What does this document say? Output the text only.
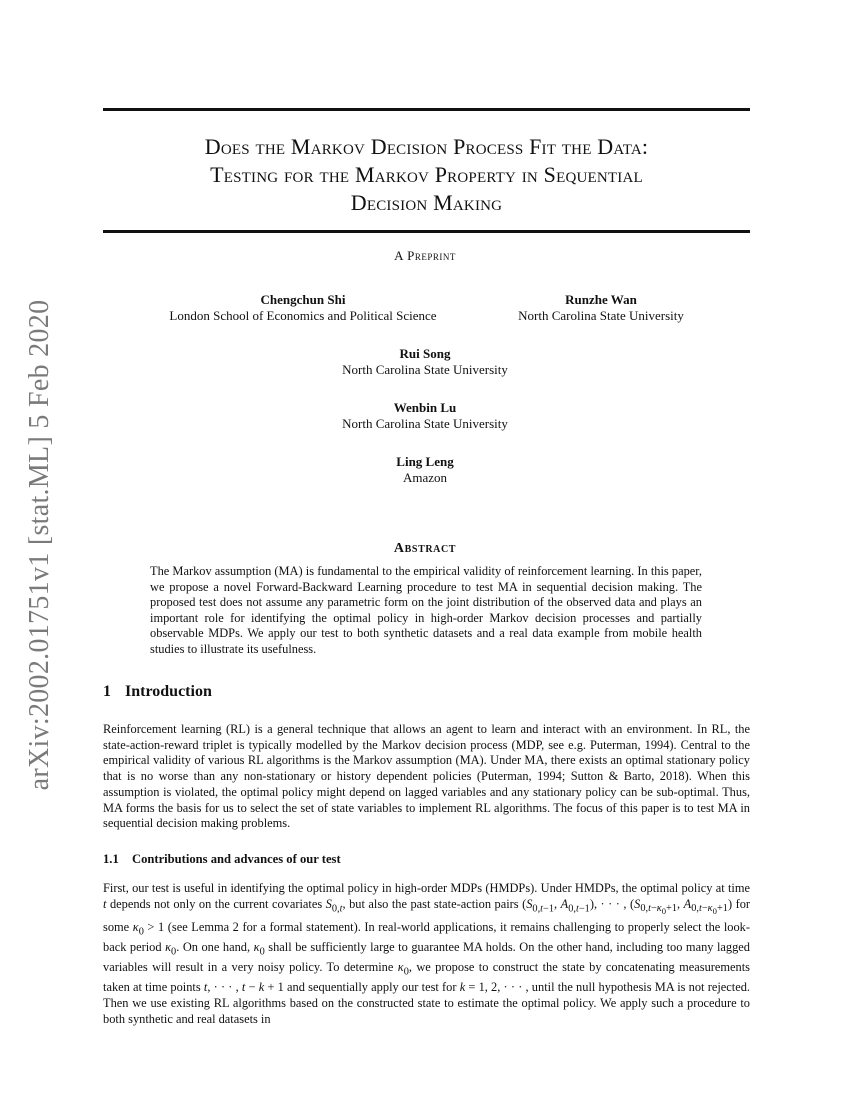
arXiv:2002.01751v1 [stat.ML] 5 Feb 2020
Does the Markov Decision Process Fit the Data:
Testing for the Markov Property in Sequential
Decision Making
A Preprint
Chengchun Shi
London School of Economics and Political Science
Runzhe Wan
North Carolina State University
Rui Song
North Carolina State University
Wenbin Lu
North Carolina State University
Ling Leng
Amazon
Abstract

The Markov assumption (MA) is fundamental to the empirical validity of reinforcement learning. In this paper, we propose a novel Forward-Backward Learning procedure to test MA in sequential decision making. The proposed test does not assume any parametric form on the joint distribution of the observed data and plays an important role for identifying the optimal policy in high-order Markov decision processes and partially observable MDPs. We apply our test to both synthetic datasets and a real data example from mobile health studies to illustrate its usefulness.

1 Introduction

Reinforcement learning (RL) is a general technique that allows an agent to learn and interact with an environment. In RL, the state-action-reward triplet is typically modelled by the Markov decision process (MDP, see e.g. Puterman, 1994). Central to the empirical validity of various RL algorithms is the Markov assumption (MA). Under MA, there exists an optimal stationary policy that is no worse than any non-stationary or history dependent policies (Puterman, 1994; Sutton & Barto, 2018). When this assumption is violated, the optimal policy might depend on lagged variables and any stationary policy can be sub-optimal. Thus, MA forms the basis for us to select the set of state variables to implement RL algorithms. The focus of this paper is to test MA in sequential decision making problems.

1.1 Contributions and advances of our test

First, our test is useful in identifying the optimal policy in high-order MDPs (HMDPs). Under HMDPs, the optimal policy at time t depends not only on the current covariates $S_{0,t}$, but also the past state-action pairs ($S_{0,t-1}$, $A_{0,t-1}$), · · · , ($S_{0,t-\kappa_0+1}$, $A_{0,t-\kappa_0+1}$) for some $\kappa_0 > 1$ (see Lemma 2 for a formal statement). In real-world applications, it remains challenging to properly select the look-back period $\kappa_0$. On one hand, $\kappa_0$ shall be sufficiently large to guarantee MA holds. On the other hand, including too many lagged variables will result in a very noisy policy. To determine $\kappa_0$, we propose to construct the state by concatenating measurements taken at time points t, · · · , t − k + 1 and sequentially apply our test for k = 1, 2, · · · , until the null hypothesis MA is not rejected. Then we use existing RL algorithms based on the constructed state to estimate the optimal policy. We apply such a procedure to both synthetic and real datasets in
